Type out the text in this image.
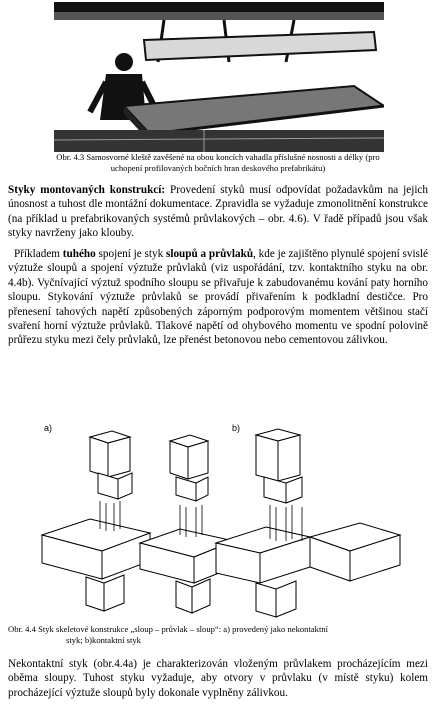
Obr. 4.3 Samosvorné kleště zavěšené na obou koncích vahadla příslušné nosnosti a délky (pro
uchopení profilovaných bočních hran deskového prefabrikátu)
Styky montovaných konstrukcí: Provedení styků musí odpovídat požadavkům na jejich únosnost a tuhost dle montážní dokumentace. Zpravidla se vyžaduje zmonolitnění konstrukce (na příklad u prefabrikovaných systémů průvlakových – obr. 4.6). V řadě případů jsou však styky navrženy jako klouby.
Příkladem tuhého spojení je styk sloupů a průvlaků, kde je zajištěno plynulé spojení svislé výztuže sloupů a spojení výztuže průvlaků (viz uspořádání, tzv. kontaktního styku na obr. 4.4b). Vyčnívající výztuž spodního sloupu se přivařuje k zabudovanému kování paty horního sloupu. Stykování výztuže průvlaků se provádí přivařením k podkladní destičce. Pro přenesení tahových napětí způsobených záporným podporovým momentem většinou stačí svaření horní výztuže průvlaků. Tlakové napětí od ohybového momentu ve spodní polovině průřezu styku mezi čely průvlaků, lze přenést betonovou nebo cementovou zálivkou.
a)	b)
Obr. 4.4 Styk skeletové konstrukce „sloup – průvlak – sloup“: a) provedený jako nekontaktní
styk; b)kontaktní styk
Nekontaktní styk (obr.4.4a) je charakterizován vloženým průvlakem procházejícím mezi oběma sloupy. Tuhost styku vyžaduje, aby otvory v průvlaku (v místě styku) kolem procházející výztuže sloupů byly dokonale vyplněny zálivkou.
